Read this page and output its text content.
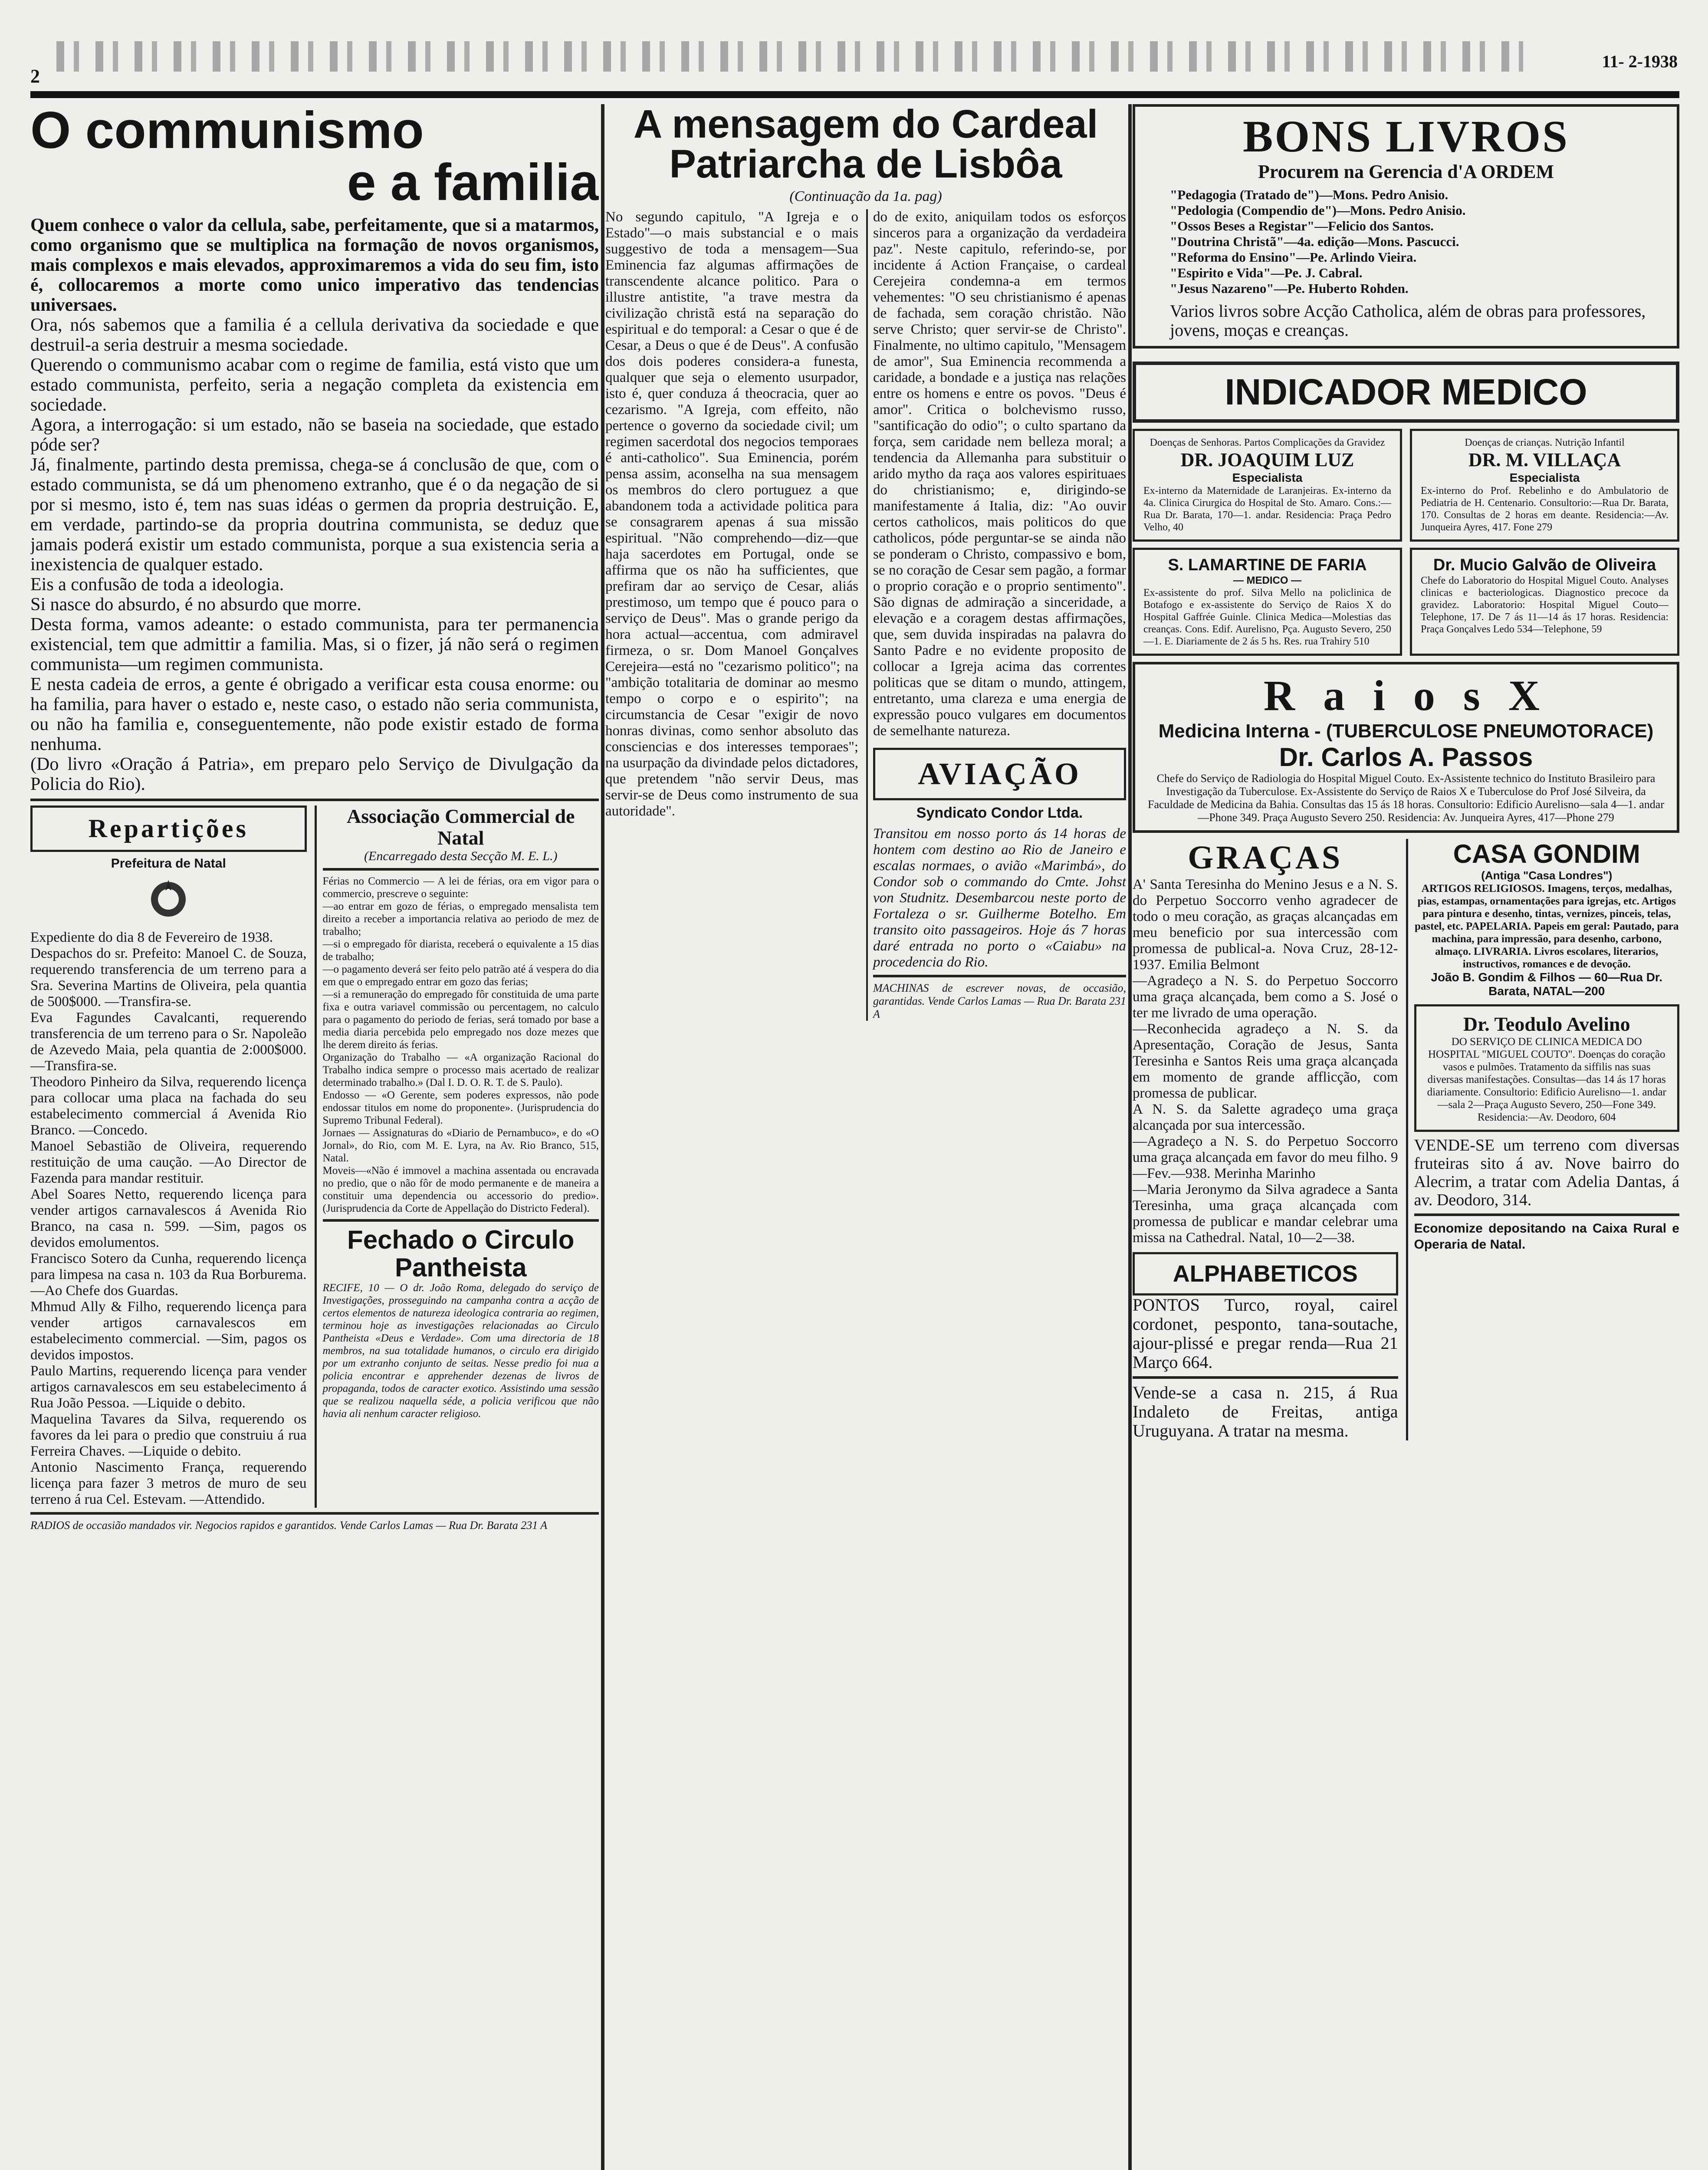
2
11- 2-1938
O communismo
e a familia

Quem conhece o valor da cellula, sabe, perfeitamente, que si a matarmos, como organismo que se multiplica na formação de novos organismos, mais complexos e mais elevados, approximaremos a vida do seu fim, isto é, collocaremos a morte como unico imperativo das tendencias universaes.

Ora, nós sabemos que a familia é a cellula derivativa da sociedade e que destruil-a seria destruir a mesma sociedade.

Querendo o communismo acabar com o regime de familia, está visto que um estado communista, perfeito, seria a negação completa da existencia em sociedade.

Agora, a interrogação: si um estado, não se baseia na sociedade, que estado póde ser?

Já, finalmente, partindo desta premissa, chega-se á conclusão de que, com o estado communista, se dá um phenomeno extranho, que é o da negação de si por si mesmo, isto é, tem nas suas idéas o germen da propria destruição. E, em verdade, partindo-se da propria doutrina communista, se deduz que jamais poderá existir um estado communista, porque a sua existencia seria a inexistencia de qualquer estado.

Eis a confusão de toda a ideologia.

Si nasce do absurdo, é no absurdo que morre.

Desta forma, vamos adeante: o estado communista, para ter permanencia existencial, tem que admittir a familia. Mas, si o fizer, já não será o regimen communista—um regimen communista.

E nesta cadeia de erros, a gente é obrigado a verificar esta cousa enorme: ou ha familia, para haver o estado e, neste caso, o estado não seria communista, ou não ha familia e, conseguentemente, não pode existir estado de forma nenhuma.

(Do livro «Oração á Patria», em preparo pelo Serviço de Divulgação da Policia do Rio).

Repartições
Prefeitura de Natal

Expediente do dia 8 de Fevereiro de 1938.

Despachos do sr. Prefeito: Manoel C. de Souza, requerendo transferencia de um terreno para a Sra. Severina Martins de Oliveira, pela quantia de 500$000. —Transfira-se.

Eva Fagundes Cavalcanti, requerendo transferencia de um terreno para o Sr. Napoleão de Azevedo Maia, pela quantia de 2:000$000. —Transfira-se.

Theodoro Pinheiro da Silva, requerendo licença para collocar uma placa na fachada do seu estabelecimento commercial á Avenida Rio Branco. —Concedo.

Manoel Sebastião de Oliveira, requerendo restituição de uma caução. —Ao Director de Fazenda para mandar restituir.

Abel Soares Netto, requerendo licença para vender artigos carnavalescos á Avenida Rio Branco, na casa n. 599. —Sim, pagos os devidos emolumentos.

Francisco Sotero da Cunha, requerendo licença para limpesa na casa n. 103 da Rua Borburema. —Ao Chefe dos Guardas.

Mhmud Ally & Filho, requerendo licença para vender artigos carnavalescos em estabelecimento commercial. —Sim, pagos os devidos impostos.

Paulo Martins, requerendo licença para vender artigos carnavalescos em seu estabelecimento á Rua João Pessoa. —Liquide o debito.

Maquelina Tavares da Silva, requerendo os favores da lei para o predio que construiu á rua Ferreira Chaves. —Liquide o debito.

Antonio Nascimento França, requerendo licença para fazer 3 metros de muro de seu terreno á rua Cel. Estevam. —Attendido.

Associação Commercial de Natal
(Encarregado desta Secção M. E. L.)

Férias no Commercio — A lei de férias, ora em vigor para o commercio, prescreve o seguinte:

—ao entrar em gozo de férias, o empregado mensalista tem direito a receber a importancia relativa ao periodo de mez de trabalho;

—si o empregado fôr diarista, receberá o equivalente a 15 dias de trabalho;

—o pagamento deverá ser feito pelo patrão até á vespera do dia em que o empregado entrar em gozo das ferias;

—si a remuneração do empregado fôr constituida de uma parte fixa e outra variavel commissão ou percentagem, no calculo para o pagamento do periodo de ferias, será tomado por base a media diaria percebida pelo empregado nos doze mezes que lhe derem direito ás ferias.

Organização do Trabalho — «A organização Racional do Trabalho indica sempre o processo mais acertado de realizar determinado trabalho.» (Dal I. D. O. R. T. de S. Paulo).

Endosso — «O Gerente, sem poderes expressos, não pode endossar titulos em nome do proponente». (Jurisprudencia do Supremo Tribunal Federal).

Jornaes — Assignaturas do «Diario de Pernambuco», e do «O Jornal», do Rio, com M. E. Lyra, na Av. Rio Branco, 515, Natal.

Moveis—«Não é immovel a machina assentada ou encravada no predio, que o não fôr de modo permanente e de maneira a constituir uma dependencia ou accessorio do predio». (Jurisprudencia da Corte de Appellação do Districto Federal).

Fechado o Circulo Pantheista

RECIFE, 10 — O dr. João Roma, delegado do serviço de Investigações, prosseguindo na campanha contra a acção de certos elementos de natureza ideologica contraria ao regimen, terminou hoje as investigações relacionadas ao Circulo Pantheista «Deus e Verdade». Com uma directoria de 18 membros, na sua totalidade humanos, o circulo era dirigido por um extranho conjunto de seitas. Nesse predio foi nua a policia encontrar e apprehender dezenas de livros de propaganda, todos de caracter exotico. Assistindo uma sessão que se realizou naquella séde, a policia verificou que não havia ali nenhum caracter religioso.

RADIOS de occasião mandados vir. Negocios rapidos e garantidos. Vende Carlos Lamas — Rua Dr. Barata 231 A

A mensagem do Cardeal
Patriarcha de Lisbôa
(Continuação da 1a. pag)

No segundo capitulo, "A Igreja e o Estado"—o mais substancial e o mais suggestivo de toda a mensagem—Sua Eminencia faz algumas affirmações de transcendente alcance politico. Para o illustre antistite, "a trave mestra da civilização christã está na separação do espiritual e do temporal: a Cesar o que é de Cesar, a Deus o que é de Deus". A confusão dos dois poderes considera-a funesta, qualquer que seja o elemento usurpador, isto é, quer conduza á theocracia, quer ao cezarismo. "A Igreja, com effeito, não pertence o governo da sociedade civil; um regimen sacerdotal dos negocios temporaes é anti-catholico". Sua Eminencia, porém pensa assim, aconselha na sua mensagem os membros do clero portuguez a que abandonem toda a actividade politica para se consagrarem apenas á sua missão espiritual. "Não comprehendo—diz—que haja sacerdotes em Portugal, onde se affirma que os não ha sufficientes, que prefiram dar ao serviço de Cesar, aliás prestimoso, um tempo que é pouco para o serviço de Deus". Mas o grande perigo da hora actual—accentua, com admiravel firmeza, o sr. Dom Manoel Gonçalves Cerejeira—está no "cezarismo politico"; na "ambição totalitaria de dominar ao mesmo tempo o corpo e o espirito"; na circumstancia de Cesar "exigir de novo honras divinas, como senhor absoluto das consciencias e dos interesses temporaes"; na usurpação da divindade pelos dictadores, que pretendem "não servir Deus, mas servir-se de Deus como instrumento de sua autoridade".

do de exito, aniquilam todos os esforços sinceros para a organização da verdadeira paz". Neste capitulo, referindo-se, por incidente á Action Française, o cardeal Cerejeira condemna-a em termos vehementes: "O seu christianismo é apenas de fachada, sem coração christão. Não serve Christo; quer servir-se de Christo". Finalmente, no ultimo capitulo, "Mensagem de amor", Sua Eminencia recommenda a caridade, a bondade e a justiça nas relações entre os homens e entre os povos. "Deus é amor". Critica o bolchevismo russo, "santificação do odio"; o culto spartano da força, sem caridade nem belleza moral; a tendencia da Allemanha para substituir o arido mytho da raça aos valores espirituaes do christianismo; e, dirigindo-se manifestamente á Italia, diz: "Ao ouvir certos catholicos, mais politicos do que catholicos, póde perguntar-se se ainda não se ponderam o Christo, compassivo e bom, se no coração de Cesar sem pagão, a formar o proprio coração e o proprio sentimento". São dignas de admiração a sinceridade, a elevação e a coragem destas affirmações, que, sem duvida inspiradas na palavra do Santo Padre e no evidente proposito de collocar a Igreja acima das correntes politicas que se ditam o mundo, attingem, entretanto, uma clareza e uma energia de expressão pouco vulgares em documentos de semelhante natureza.

AVIAÇÃO
Syndicato Condor Ltda.

Transitou em nosso porto ás 14 horas de hontem com destino ao Rio de Janeiro e escalas normaes, o avião «Marimbá», do Condor sob o commando do Cmte. Johst von Studnitz. Desembarcou neste porto de Fortaleza o sr. Guilherme Botelho. Em transito oito passageiros. Hoje ás 7 horas daré entrada no porto o «Caiabu» na procedencia do Rio.

MACHINAS de escrever novas, de occasião, garantidas. Vende Carlos Lamas — Rua Dr. Barata 231 A

BONS LIVROS
Procurem na Gerencia d'A ORDEM
"Pedagogia (Tratado de")—Mons. Pedro Anisio.
"Pedologia (Compendio de")—Mons. Pedro Anisio.
"Ossos Beses a Registar"—Felicio dos Santos.
"Doutrina Christã"—4a. edição—Mons. Pascucci.
"Reforma do Ensino"—Pe. Arlindo Vieira.
"Espirito e Vida"—Pe. J. Cabral.
"Jesus Nazareno"—Pe. Huberto Rohden.
Varios livros sobre Acção Catholica, além de obras para professores, jovens, moças e creanças.
INDICADOR MEDICO
Doenças de Senhoras. Partos Complicações da Gravidez
DR. JOAQUIM LUZ
Especialista

Ex-interno da Maternidade de Laranjeiras. Ex-interno da 4a. Clinica Cirurgica do Hospital de Sto. Amaro. Cons.:—Rua Dr. Barata, 170—1. andar. Residencia: Praça Pedro Velho, 40

Doenças de crianças. Nutrição Infantil
DR. M. VILLAÇA
Especialista

Ex-interno do Prof. Rebelinho e do Ambulatorio de Pediatria de H. Centenario. Consultorio:—Rua Dr. Barata, 170. Consultas de 2 horas em deante. Residencia:—Av. Junqueira Ayres, 417. Fone 279

S. LAMARTINE DE FARIA
— MEDICO —

Ex-assistente do prof. Silva Mello na policlinica de Botafogo e ex-assistente do Serviço de Raios X do Hospital Gaffrée Guinle. Clinica Medica—Molestias das creanças. Cons. Edif. Aurelisno, Pça. Augusto Severo, 250—1. E. Diariamente de 2 ás 5 hs. Res. rua Trahiry 510

Dr. Mucio Galvão de Oliveira

Chefe do Laboratorio do Hospital Miguel Couto. Analyses clinicas e bacteriologicas. Diagnostico precoce da gravidez. Laboratorio: Hospital Miguel Couto—Telephone, 17. De 7 ás 11—14 ás 17 horas. Residencia: Praça Gonçalves Ledo 534—Telephone, 59

R a i o s X
Medicina Interna - (TUBERCULOSE PNEUMOTORACE)
Dr. Carlos A. Passos

Chefe do Serviço de Radiologia do Hospital Miguel Couto. Ex-Assistente technico do Instituto Brasileiro para Investigação da Tuberculose. Ex-Assistente do Serviço de Raios X e Tuberculose do Prof José Silveira, da Faculdade de Medicina da Bahia. Consultas das 15 ás 18 horas. Consultorio: Edificio Aurelisno—sala 4—1. andar—Phone 349. Praça Augusto Severo 250. Residencia: Av. Junqueira Ayres, 417—Phone 279

GRAÇAS

A' Santa Teresinha do Menino Jesus e a N. S. do Perpetuo Soccorro venho agradecer de todo o meu coração, as graças alcançadas em meu beneficio por sua intercessão com promessa de publical-a. Nova Cruz, 28-12-1937. Emilia Belmont

—Agradeço a N. S. do Perpetuo Soccorro uma graça alcançada, bem como a S. José o ter me livrado de uma operação.

—Reconhecida agradeço a N. S. da Apresentação, Coração de Jesus, Santa Teresinha e Santos Reis uma graça alcançada em momento de grande afflicção, com promessa de publicar.

A N. S. da Salette agradeço uma graça alcançada por sua intercessão.

—Agradeço a N. S. do Perpetuo Soccorro uma graça alcançada em favor do meu filho. 9—Fev.—938. Merinha Marinho

—Maria Jeronymo da Silva agradece a Santa Teresinha, uma graça alcançada com promessa de publicar e mandar celebrar uma missa na Cathedral. Natal, 10—2—38.

ALPHABETICOS

PONTOS Turco, royal, cairel cordonet, pesponto, tana-soutache, ajour-plissé e pregar renda—Rua 21 Março 664.

Vende-se a casa n. 215, á Rua Indaleto de Freitas, antiga Uruguyana. A tratar na mesma.

CASA GONDIM
(Antiga "Casa Londres")

ARTIGOS RELIGIOSOS. Imagens, terços, medalhas, pias, estampas, ornamentações para igrejas, etc. Artigos para pintura e desenho, tintas, vernizes, pinceis, telas, pastel, etc. PAPELARIA. Papeis em geral: Pautado, para machina, para impressão, para desenho, carbono, almaço. LIVRARIA. Livros escolares, literarios, instructivos, romances e de devoção.

João B. Gondim & Filhos — 60—Rua Dr. Barata, NATAL—200
Dr. Teodulo Avelino

DO SERVIÇO DE CLINICA MEDICA DO HOSPITAL "MIGUEL COUTO". Doenças do coração vasos e pulmões. Tratamento da siffilis nas suas diversas manifestações. Consultas—das 14 ás 17 horas diariamente. Consultorio: Edificio Aurelisno—1. andar—sala 2—Praça Augusto Severo, 250—Fone 349. Residencia:—Av. Deodoro, 604

VENDE-SE um terreno com diversas fruteiras sito á av. Nove bairro do Alecrim, a tratar com Adelia Dantas, á av. Deodoro, 314.

Economize depositando na Caixa Rural e Operaria de Natal.
